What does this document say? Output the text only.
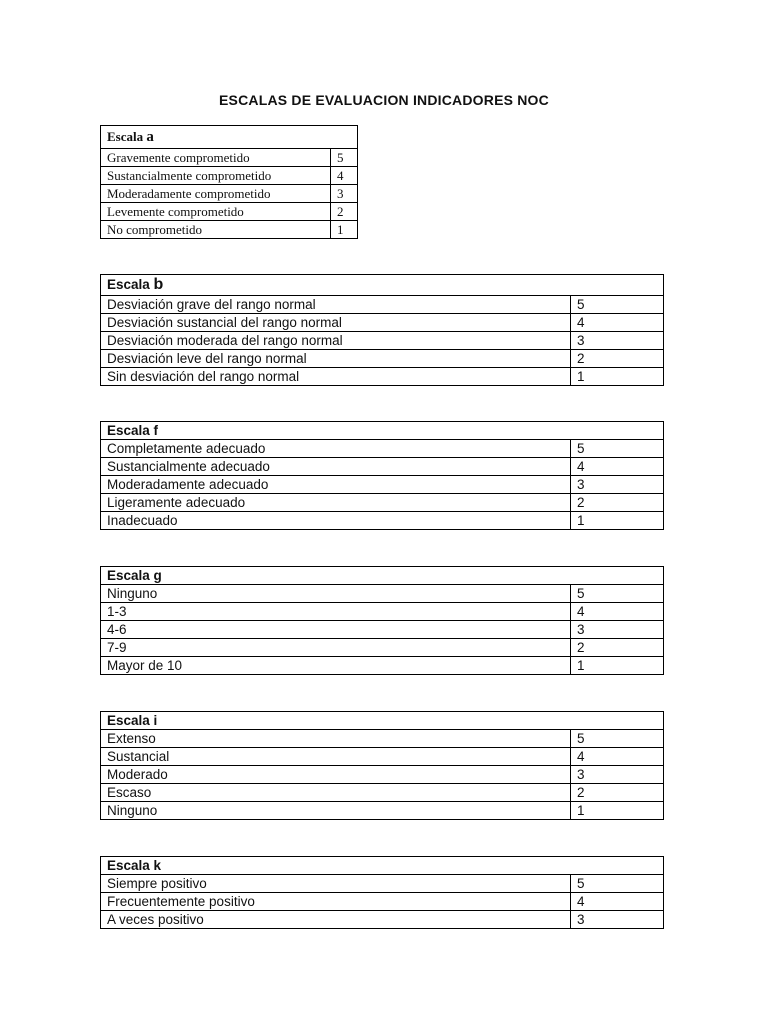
ESCALAS DE EVALUACION INDICADORES NOC
Escala a	
Gravemente comprometido	5
Sustancialmente comprometido	4
Moderadamente comprometido	3
Levemente comprometido	2
No comprometido	1
Escala b	
Desviación grave del rango normal	5
Desviación sustancial del rango normal	4
Desviación moderada del rango normal	3
Desviación leve del rango normal	2
Sin desviación del rango normal	1
Escala f	
Completamente adecuado	5
Sustancialmente adecuado	4
Moderadamente adecuado	3
Ligeramente adecuado	2
Inadecuado	1
Escala g	
Ninguno	5
1-3	4
4-6	3
7-9	2
Mayor de 10	1
Escala i	
Extenso	5
Sustancial	4
Moderado	3
Escaso	2
Ninguno	1
Escala k	
Siempre positivo	5
Frecuentemente positivo	4
A veces positivo	3
